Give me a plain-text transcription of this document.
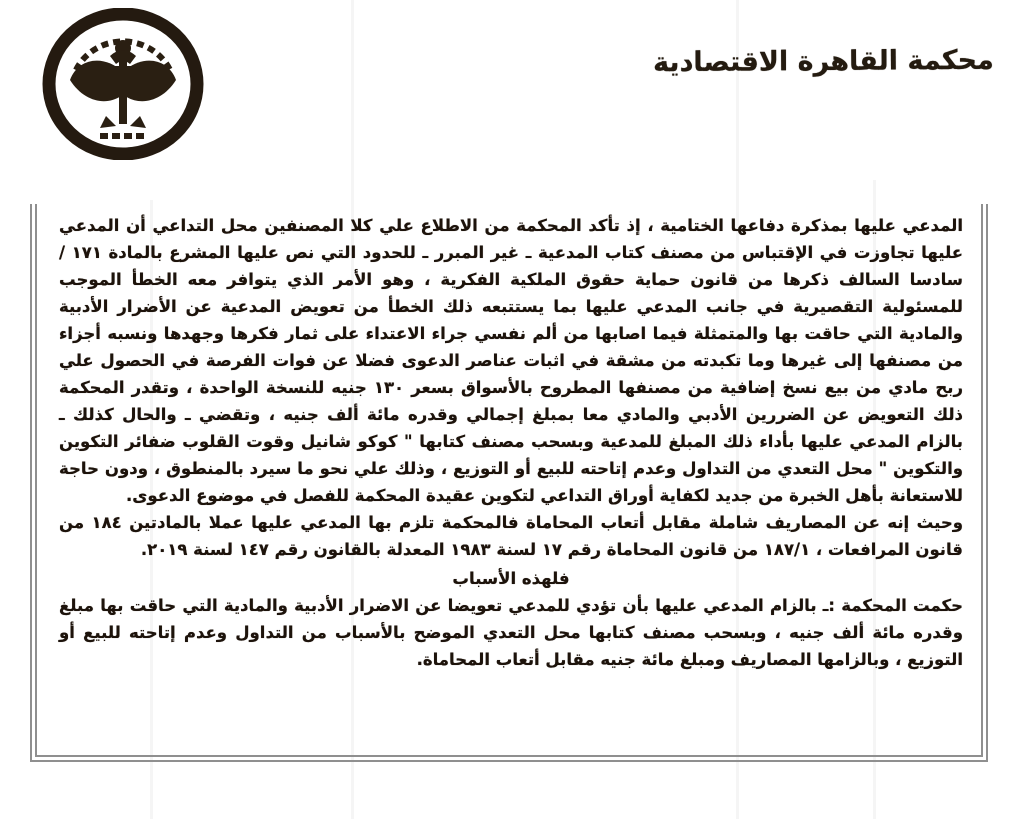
محكمة القاهرة الاقتصادية

المدعي عليها بمذكرة دفاعها الختامية ، إذ تأكد المحكمة من الاطلاع علي كلا المصنفين محل التداعي أن المدعي عليها تجاوزت في الإقتباس من مصنف كتاب المدعية ـ غير المبرر ـ للحدود التي نص عليها المشرع بالمادة ١٧١ / سادسا السالف ذكرها من قانون حماية حقوق الملكية الفكرية ، وهو الأمر الذي يتوافر معه الخطأ الموجب للمسئولية التقصيرية في جانب المدعي عليها بما يستتبعه ذلك الخطأ من تعويض المدعية عن الأضرار الأدبية والمادية التي حاقت بها والمتمثلة فيما اصابها من ألم نفسي جراء الاعتداء على ثمار فكرها وجهدها ونسبه أجزاء من مصنفها إلى غيرها وما تكبدته من مشقة في اثبات عناصر الدعوى فضلا عن فوات الفرصة في الحصول علي ربح مادي من بيع نسخ إضافية من مصنفها المطروح بالأسواق بسعر ١٣٠ جنيه للنسخة الواحدة ، وتقدر المحكمة ذلك التعويض عن الضررين الأدبي والمادي معا بمبلغ إجمالي وقدره مائة ألف جنيه ، وتقضي ـ والحال كذلك ـ بالزام المدعي عليها بأداء ذلك المبلغ للمدعية وبسحب مصنف كتابها " كوكو شانيل وقوت القلوب ضفائر التكوين والتكوين " محل التعدي من التداول وعدم إتاحته للبيع أو التوزيع ، وذلك علي نحو ما سيرد بالمنطوق ، ودون حاجة للاستعانة بأهل الخبرة من جديد لكفاية أوراق التداعي لتكوين عقيدة المحكمة للفصل في موضوع الدعوى.

وحيث إنه عن المصاريف شاملة مقابل أتعاب المحاماة فالمحكمة تلزم بها المدعي عليها عملا بالمادتين ١٨٤ من قانون المرافعات ، ١٨٧/١ من قانون المحاماة رقم ١٧ لسنة ١٩٨٣ المعدلة بالقانون رقم ١٤٧ لسنة ٢٠١٩.

فلهذه الأسباب

حكمت المحكمة :ـ بالزام المدعي عليها بأن تؤدي للمدعي تعويضا عن الاضرار الأدبية والمادية التي حاقت بها مبلغ وقدره مائة ألف جنيه ، وبسحب مصنف كتابها محل التعدي الموضح بالأسباب من التداول وعدم إتاحته للبيع أو التوزيع ، وبالزامها المصاريف ومبلغ مائة جنيه مقابل أتعاب المحاماة.
